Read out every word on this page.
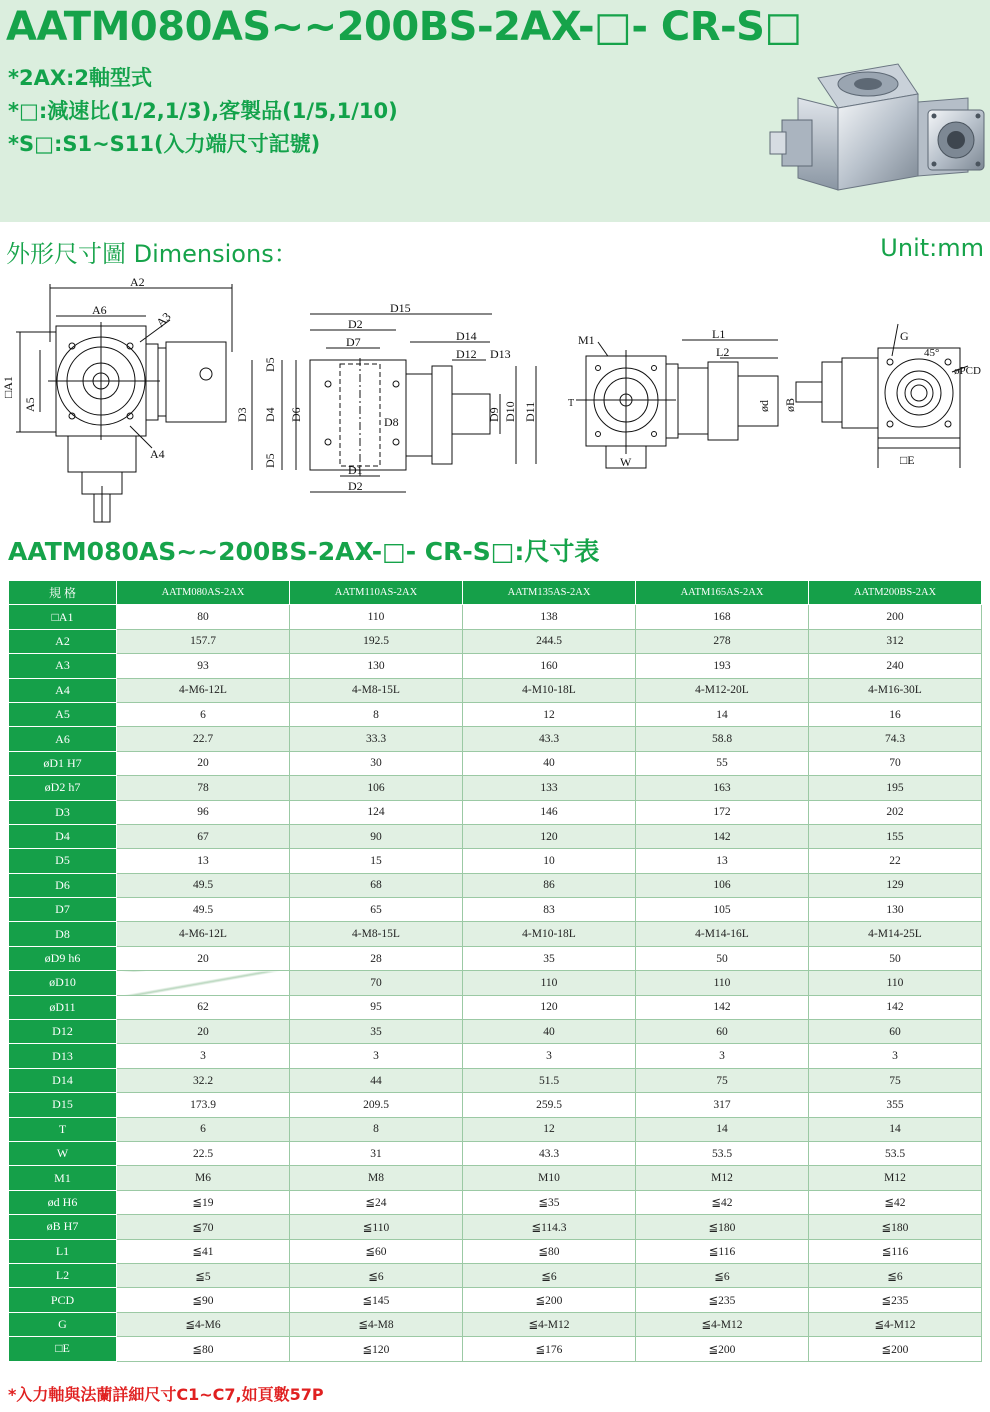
AATM080AS~~200BS-2AX-□- CR-S□
*2AX:2軸型式
*□:減速比(1/2,1/3),客製品(1/5,1/10)
*S□:S1~S11(入力端尺寸記號)
外形尺寸圖 Dimensions：	Unit:mm
A2
A6	A3
A4
□A1
A5
D15
D2
D7	D14
D12 D13
D8
D5
D3 D4 D6
D5
D9 D10 D11
D1
D2
M1
T
L1
L2
ød øB
W
G
45°
øPCD
□E
AATM080AS~~200BS-2AX-□- CR-S□:尺寸表
規 格	AATM080AS-2AX	AATM110AS-2AX	AATM135AS-2AX	AATM165AS-2AX	AATM200BS-2AX
□A1	80	110	138	168	200
A2	157.7	192.5	244.5	278	312
A3	93	130	160	193	240
A4	4-M6-12L	4-M8-15L	4-M10-18L	4-M12-20L	4-M16-30L
A5	6	8	12	14	16
A6	22.7	33.3	43.3	58.8	74.3
øD1 H7	20	30	40	55	70
øD2 h7	78	106	133	163	195
D3	96	124	146	172	202
D4	67	90	120	142	155
D5	13	15	10	13	22
D6	49.5	68	86	106	129
D7	49.5	65	83	105	130
D8	4-M6-12L	4-M8-15L	4-M10-18L	4-M14-16L	4-M14-25L
øD9 h6	20	28	35	50	50
øD10		70	110	110	110
øD11	62	95	120	142	142
D12	20	35	40	60	60
D13	3	3	3	3	3
D14	32.2	44	51.5	75	75
D15	173.9	209.5	259.5	317	355
T	6	8	12	14	14
W	22.5	31	43.3	53.5	53.5
M1	M6	M8	M10	M12	M12
ød H6	≦19	≦24	≦35	≦42	≦42
øB H7	≦70	≦110	≦114.3	≦180	≦180
L1	≦41	≦60	≦80	≦116	≦116
L2	≦5	≦6	≦6	≦6	≦6
PCD	≦90	≦145	≦200	≦235	≦235
G	≦4-M6	≦4-M8	≦4-M12	≦4-M12	≦4-M12
□E	≦80	≦120	≦176	≦200	≦200
*入力軸與法蘭詳細尺寸C1~C7,如頁數57P
